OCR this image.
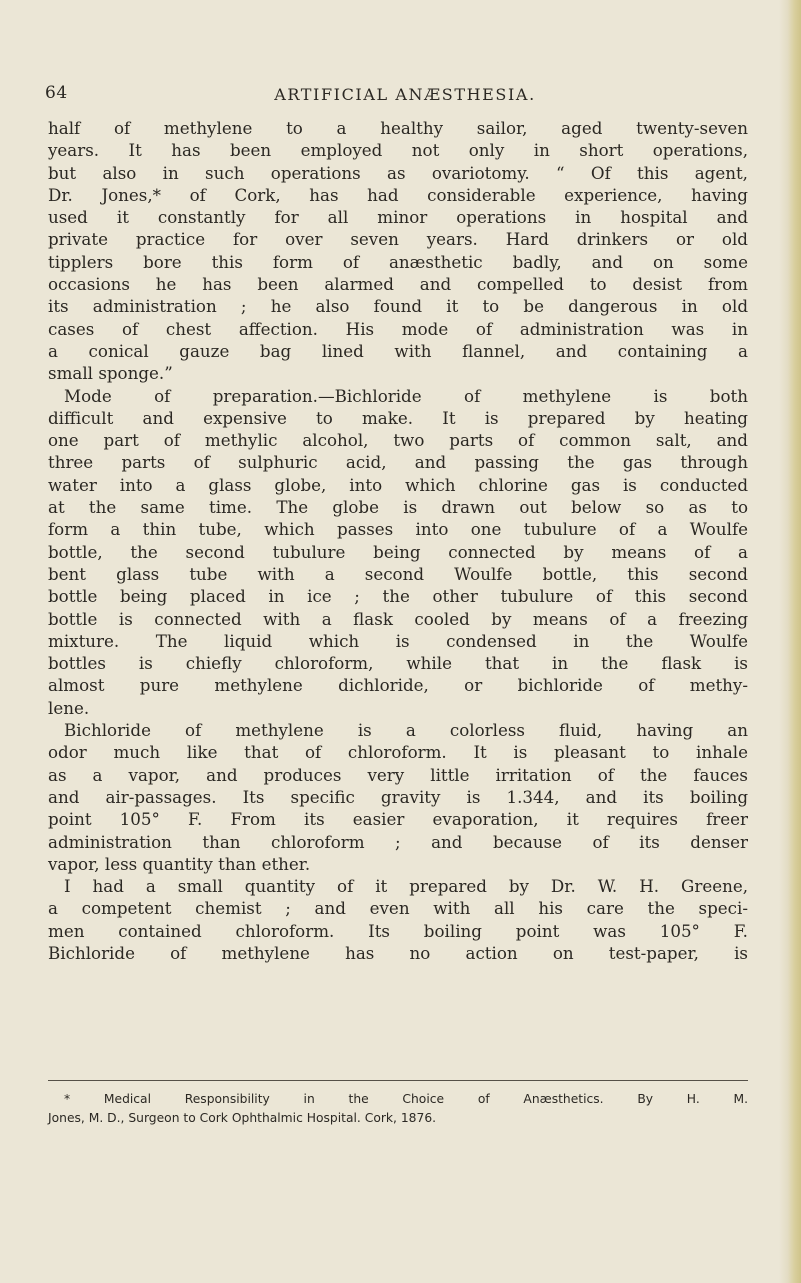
64	ARTIFICIAL ANÆSTHESIA.
half of methylene to a healthy sailor, aged twenty-seven
years. It has been employed not only in short operations,
but also in such operations as ovariotomy. “ Of this agent,
Dr. Jones,* of Cork, has had considerable experience, having
used it constantly for all minor operations in hospital and
private practice for over seven years. Hard drinkers or old
tipplers bore this form of anæsthetic badly, and on some
occasions he has been alarmed and compelled to desist from
its administration ; he also found it to be dangerous in old
cases of chest affection. His mode of administration was in
a conical gauze bag lined with flannel, and containing a
small sponge.”
Mode of preparation.—Bichloride of methylene is both
difficult and expensive to make. It is prepared by heating
one part of methylic alcohol, two parts of common salt, and
three parts of sulphuric acid, and passing the gas through
water into a glass globe, into which chlorine gas is conducted
at the same time. The globe is drawn out below so as to
form a thin tube, which passes into one tubulure of a Woulfe
bottle, the second tubulure being connected by means of a
bent glass tube with a second Woulfe bottle, this second
bottle being placed in ice ; the other tubulure of this second
bottle is connected with a flask cooled by means of a freezing
mixture. The liquid which is condensed in the Woulfe
bottles is chiefly chloroform, while that in the flask is
almost pure methylene dichloride, or bichloride of methy-
lene.
Bichloride of methylene is a colorless fluid, having an
odor much like that of chloroform. It is pleasant to inhale
as a vapor, and produces very little irritation of the fauces
and air-passages. Its specific gravity is 1.344, and its boiling
point 105° F. From its easier evaporation, it requires freer
administration than chloroform ; and because of its denser
vapor, less quantity than ether.
I had a small quantity of it prepared by Dr. W. H. Greene,
a competent chemist ; and even with all his care the speci-
men contained chloroform. Its boiling point was 105° F.
Bichloride of methylene has no action on test-paper, is
* Medical Responsibility in the Choice of Anæsthetics. By H. M.
Jones, M. D., Surgeon to Cork Ophthalmic Hospital. Cork, 1876.
